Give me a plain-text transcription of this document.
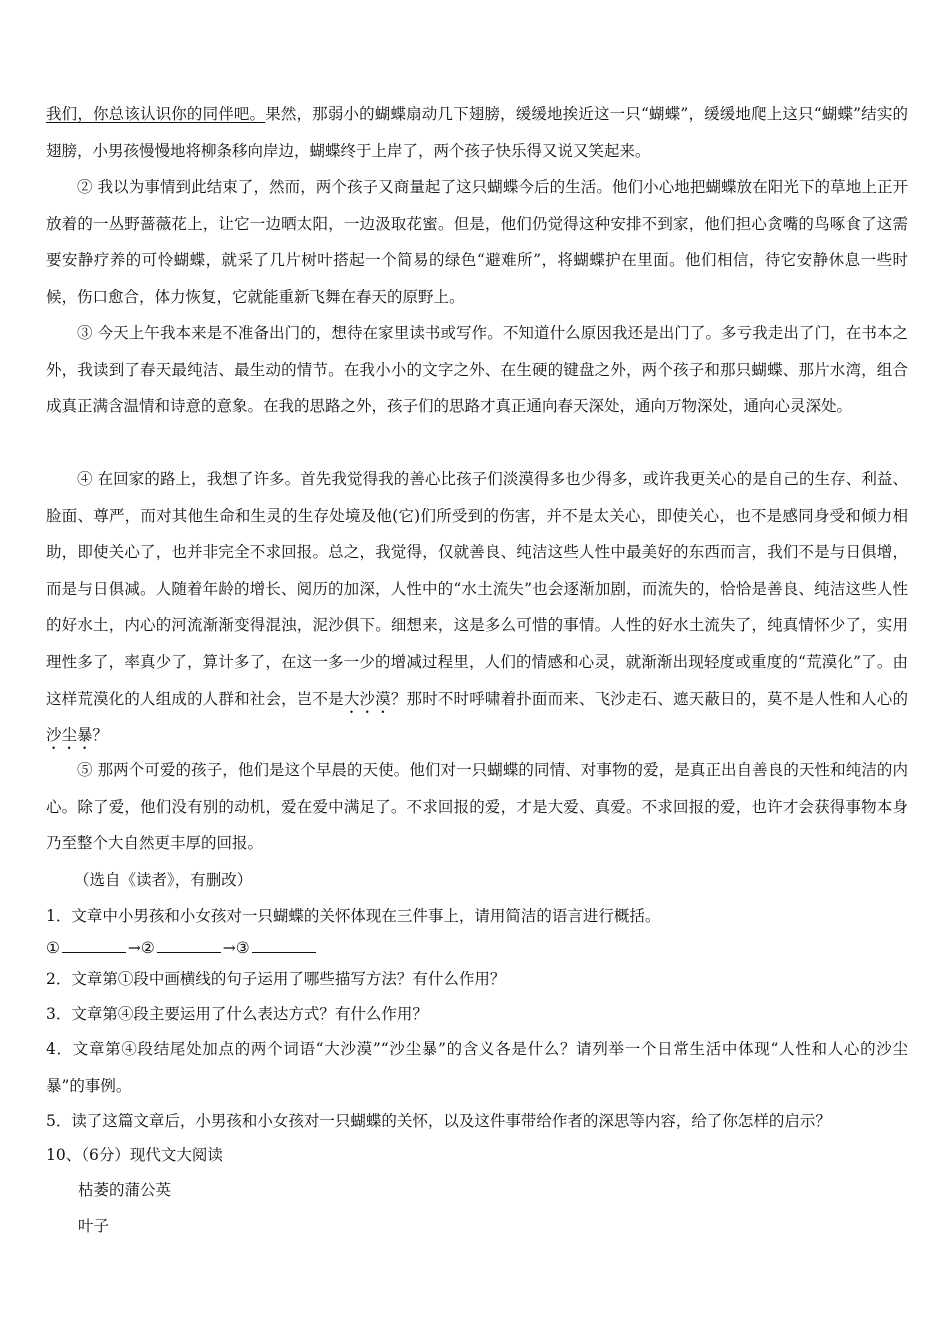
我们，你总该认识你的同伴吧。果然，那弱小的蝴蝶扇动几下翅膀，缓缓地挨近这一只“蝴蝶”，缓缓地爬上这只“蝴蝶”结实的翅膀，小男孩慢慢地将柳条移向岸边，蝴蝶终于上岸了，两个孩子快乐得又说又笑起来。

② 我以为事情到此结束了，然而，两个孩子又商量起了这只蝴蝶今后的生活。他们小心地把蝴蝶放在阳光下的草地上正开放着的一丛野蔷薇花上，让它一边晒太阳，一边汲取花蜜。但是，他们仍觉得这种安排不到家，他们担心贪嘴的鸟啄食了这需要安静疗养的可怜蝴蝶，就采了几片树叶搭起一个简易的绿色“避难所”，将蝴蝶护在里面。他们相信，待它安静休息一些时候，伤口愈合，体力恢复，它就能重新飞舞在春天的原野上。

③ 今天上午我本来是不准备出门的，想待在家里读书或写作。不知道什么原因我还是出门了。多亏我走出了门，在书本之外，我读到了春天最纯洁、最生动的情节。在我小小的文字之外、在生硬的键盘之外，两个孩子和那只蝴蝶、那片水湾，组合成真正满含温情和诗意的意象。在我的思路之外，孩子们的思路才真正通向春天深处，通向万物深处，通向心灵深处。

④ 在回家的路上，我想了许多。首先我觉得我的善心比孩子们淡漠得多也少得多，或许我更关心的是自己的生存、利益、脸面、尊严，而对其他生命和生灵的生存处境及他(它)们所受到的伤害，并不是太关心，即使关心，也不是感同身受和倾力相助，即使关心了，也并非完全不求回报。总之，我觉得，仅就善良、纯洁这些人性中最美好的东西而言，我们不是与日俱增，而是与日俱减。人随着年龄的增长、阅历的加深，人性中的“水土流失”也会逐渐加剧，而流失的，恰恰是善良、纯洁这些人性的好水土，内心的河流渐渐变得混浊，泥沙俱下。细想来，这是多么可惜的事情。人性的好水土流失了，纯真情怀少了，实用理性多了，率真少了，算计多了，在这一多一少的增减过程里，人们的情感和心灵，就渐渐出现轻度或重度的“荒漠化”了。由这样荒漠化的人组成的人群和社会，岂不是大沙漠？那时不时呼啸着扑面而来、飞沙走石、遮天蔽日的，莫不是人性和人心的沙尘暴？

⑤ 那两个可爱的孩子，他们是这个早晨的天使。他们对一只蝴蝶的同情、对事物的爱，是真正出自善良的天性和纯洁的内心。除了爱，他们没有别的动机，爱在爱中满足了。不求回报的爱，才是大爱、真爱。不求回报的爱，也许才会获得事物本身乃至整个大自然更丰厚的回报。

（选自《读者》，有删改）

1．文章中小男孩和小女孩对一只蝴蝶的关怀体现在三件事上，请用简洁的语言进行概括。

①	→②	→③

2．文章第①段中画横线的句子运用了哪些描写方法？有什么作用？

3．文章第④段主要运用了什么表达方式？有什么作用？

4．文章第④段结尾处加点的两个词语“大沙漠”“沙尘暴”的含义各是什么？请列举一个日常生活中体现“人性和人心的沙尘暴”的事例。

5．读了这篇文章后，小男孩和小女孩对一只蝴蝶的关怀，以及这件事带给作者的深思等内容，给了你怎样的启示？

10、（6分）现代文大阅读

枯萎的蒲公英

叶子
